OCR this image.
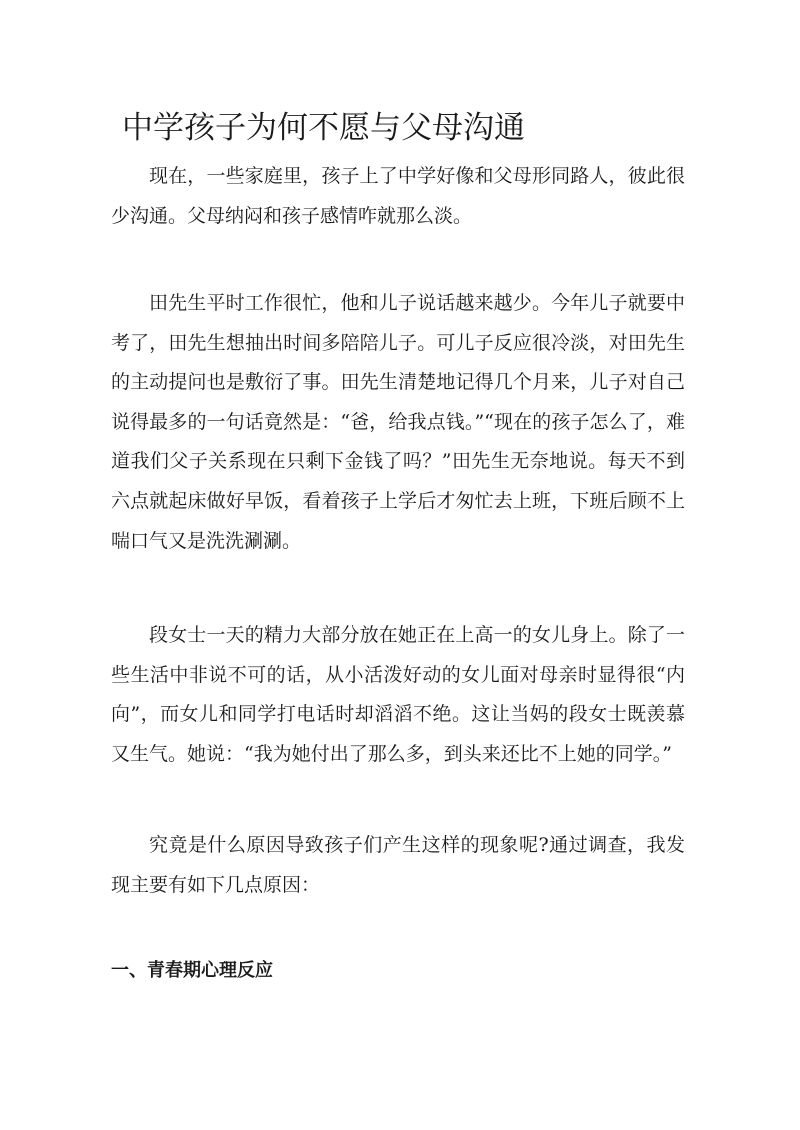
中学孩子为何不愿与父母沟通

现在，一些家庭里，孩子上了中学好像和父母形同路人，彼此很少沟通。父母纳闷和孩子感情咋就那么淡。

田先生平时工作很忙，他和儿子说话越来越少。今年儿子就要中考了，田先生想抽出时间多陪陪儿子。可儿子反应很冷淡，对田先生的主动提问也是敷衍了事。田先生清楚地记得几个月来，儿子对自己说得最多的一句话竟然是：“爸，给我点钱。”“现在的孩子怎么了，难道我们父子关系现在只剩下金钱了吗？”田先生无奈地说。每天不到六点就起床做好早饭，看着孩子上学后才匆忙去上班，下班后顾不上喘口气又是洗洗涮涮。

段女士一天的精力大部分放在她正在上高一的女儿身上。除了一些生活中非说不可的话，从小活泼好动的女儿面对母亲时显得很“内向”，而女儿和同学打电话时却滔滔不绝。这让当妈的段女士既羡慕又生气。她说：“我为她付出了那么多，到头来还比不上她的同学。”

究竟是什么原因导致孩子们产生这样的现象呢?通过调查，我发现主要有如下几点原因：

一、青春期心理反应
